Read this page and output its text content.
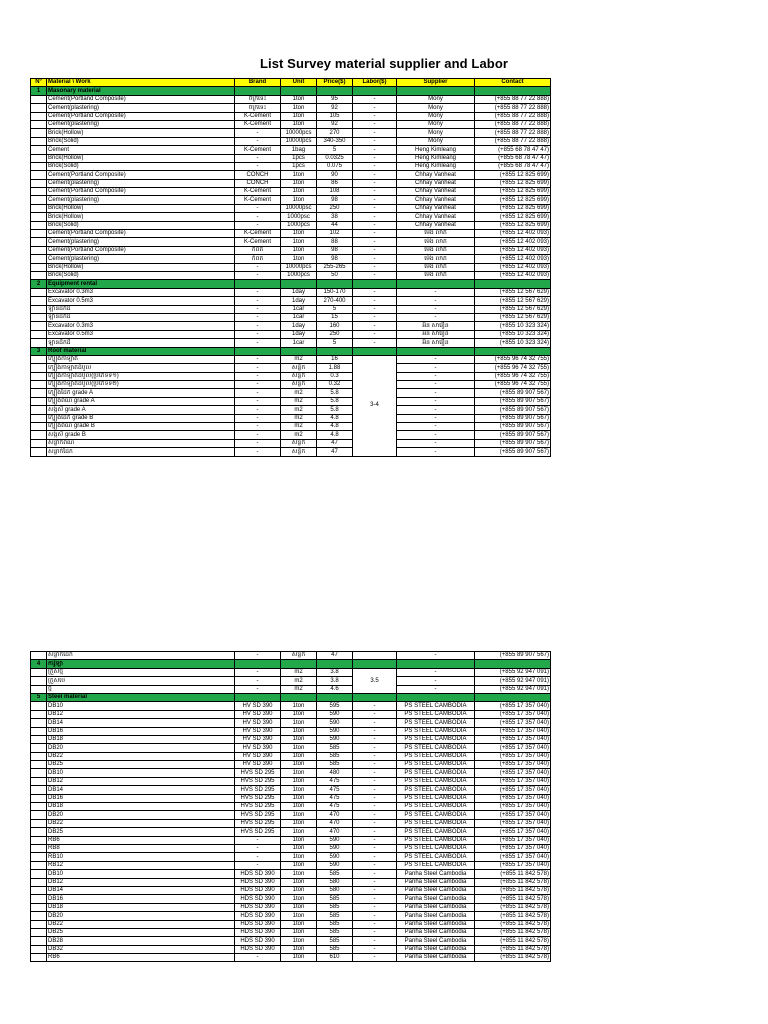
List Survey material supplier and Labor
Nº	Material \ Work	Brand	Unit	Price($)	Labor($)	Supplier	Contact
1	Masonary material						
	Cement(Portland Composite)	ចក្រទេះ	1ton	95	-	Mony	(+855 88 77 22 888)
	Cement(plastering)	ចក្រទេះ	1ton	92	-	Mony	(+855 88 77 22 888)
	Cement(Portland Composite)	K-Cement	1ton	105	-	Mony	(+855 88 77 22 888)
	Cement(plastering)	K-Cement	1ton	92	-	Mony	(+855 88 77 22 888)
	Brick(Hollow)	-	10000pcs	270	-	Mony	(+855 88 77 22 888)
	Brick(Solid)	-	10000pcs	340-350	-	Mony	(+855 88 77 22 888)
	Cement	K-Cement	1bag	5	-	Heng Kimleang	(+855 68 78 47 47)
	Brick(Hollow)	-	1pcs	0.0325	-	Heng Kimleang	(+855 68 78 47 47)
	Brick(Solid)	-	1pcs	0.075	-	Heng Kimleang	(+855 68 78 47 47)
	Cement(Portland Composite)	CONCH	1ton	90	-	Chhay Vanheat	(+855 12 825 699)
	Cement(plastering)	CONCH	1ton	86	-	Chhay Vanheat	(+855 12 825 699)
	Cement(Portland Composite)	K-Cement	1ton	108	-	Chhay Vanheat	(+855 12 825 699)
	Cement(plastering)	K-Cement	1ton	98	-	Chhay Vanheat	(+855 12 825 699)
	Brick(Hollow)	-	10000psc	250	-	Chhay Vanheat	(+855 12 825 699)
	Brick(Hollow)	-	1000psc	38	-	Chhay Vanheat	(+855 12 825 699)
	Brick(Solid)	-	1000pcs	44	-	Chhay Vanheat	(+855 12 825 699)
	Cement(Portland Composite)	K-Cement	1ton	102	-	ម៉េង លាភ	(+855 12 402 093)
	Cement(plastering)	K-Cement	1ton	88	-	ម៉េង លាភ	(+855 12 402 093)
	Cement(Portland Composite)	កំពត	1ton	98	-	ម៉េង លាភ	(+855 12 402 093)
	Cement(plastering)	កំពត	1ton	98	-	ម៉េង លាភ	(+855 12 402 093)
	Brick(Hollow)	-	10000pcs	255-265	-	ម៉េង លាភ	(+855 12 402 093)
	Brick(Solid)	-	1000pcs	50	-	ម៉េង លាភ	(+855 12 402 093)
2	Equipment rental						
	Excavator 0.3m3	-	1day	150-170	-	-	(+855 12 567 629)
	Excavator 0.5m3	-	1day	270-400	-	-	(+855 12 567 629)
	ឡានដឹកដី	-	1car	5	-	-	(+855 12 567 629)
	ឡានដឹកដី	-	1car	15	-	-	(+855 12 567 629)
	Excavator 0.3m3	-	1day	160	-	អ៊ិន សារឿន	(+855 10 323 324)
	Excavator 0.5m3	-	1day	250	-	អ៊ិន សារឿន	(+855 10 323 324)
	ឡានដឹកដី	-	1car	5	-	អ៊ិន សារឿន	(+855 10 323 324)
3	Roof material						
	ក្បឿងកាឡាត	-	m2	16	3-4	-	(+855 96 74 32 755)
	ក្បឿងកាឡាតដំបូល	-	សន្លឹក	1.88		-	(+855 96 74 32 755)
	ក្បឿងកាឡាតដំបូល(ប្រភេទទី១)	-	សន្លឹក	0.3		-	(+855 96 74 32 755)
	ក្បឿងកាឡាតដំបូល(ប្រភេទទី២)	-	សន្លឹក	0.32		-	(+855 96 74 32 755)
	ក្បឿងដែក grade A	-	m2	5.8		-	(+855 89 907 567)
	ក្បឿងពណ៌ grade A	-	m2	5.8		-	(+855 89 907 567)
	សង្កសី grade A	-	m2	5.8		-	(+855 89 907 567)
	ក្បឿងដែក grade B	-	m2	4.8		-	(+855 89 907 567)
	ក្បឿងពណ៌ grade B	-	m2	4.8		-	(+855 89 907 567)
	សង្កសី grade B	-	m2	4.8		-	(+855 89 907 567)
	សន្លាក់ពណ៌	-	សន្លឹក	47		-	(+855 89 907 567)
	សន្លាក់ដែក	-	សន្លឹក	47		-	(+855 89 907 567)
	សន្លាក់ដែក	-	សន្លឹក	47		-	(+855 89 907 567)
4	ការ៉ូឡា						
	ក្រួសថ្ម	-	m2	3.8	3.5	-	(+855 92 947 091)
	ក្រួសបេ	-	m2	3.8		-	(+855 92 947 091)
	ថ្ម	-	m2	4.6		-	(+855 92 947 091)
5	Steel material						
	DB10	HV SD 390	1ton	595	-	PS STEEL CAMBODIA	(+855 17 357 040)
	DB12	HV SD 390	1ton	590	-	PS STEEL CAMBODIA	(+855 17 357 040)
	DB14	HV SD 390	1ton	590	-	PS STEEL CAMBODIA	(+855 17 357 040)
	DB16	HV SD 390	1ton	590	-	PS STEEL CAMBODIA	(+855 17 357 040)
	DB18	HV SD 390	1ton	590	-	PS STEEL CAMBODIA	(+855 17 357 040)
	DB20	HV SD 390	1ton	585	-	PS STEEL CAMBODIA	(+855 17 357 040)
	DB22	HV SD 390	1ton	585	-	PS STEEL CAMBODIA	(+855 17 357 040)
	DB25	HV SD 390	1ton	585	-	PS STEEL CAMBODIA	(+855 17 357 040)
	DB10	HVS SD 295	1ton	480	-	PS STEEL CAMBODIA	(+855 17 357 040)
	DB12	HVS SD 295	1ton	475	-	PS STEEL CAMBODIA	(+855 17 357 040)
	DB14	HVS SD 295	1ton	475	-	PS STEEL CAMBODIA	(+855 17 357 040)
	DB16	HVS SD 295	1ton	475	-	PS STEEL CAMBODIA	(+855 17 357 040)
	DB18	HVS SD 295	1ton	475	-	PS STEEL CAMBODIA	(+855 17 357 040)
	DB20	HVS SD 295	1ton	470	-	PS STEEL CAMBODIA	(+855 17 357 040)
	DB22	HVS SD 295	1ton	470	-	PS STEEL CAMBODIA	(+855 17 357 040)
	DB25	HVS SD 295	1ton	470	-	PS STEEL CAMBODIA	(+855 17 357 040)
	RB6	-	1ton	590	-	PS STEEL CAMBODIA	(+855 17 357 040)
	RB8	-	1ton	590	-	PS STEEL CAMBODIA	(+855 17 357 040)
	RB10	-	1ton	590	-	PS STEEL CAMBODIA	(+855 17 357 040)
	RB12	-	1ton	590	-	PS STEEL CAMBODIA	(+855 17 357 040)
	DB10	HDS SD 390	1ton	585	-	Panha Steel Cambodia	(+855 11 842 578)
	DB12	HDS SD 390	1ton	580	-	Panha Steel Cambodia	(+855 11 842 578)
	DB14	HDS SD 390	1ton	580	-	Panha Steel Cambodia	(+855 11 842 578)
	DB16	HDS SD 390	1ton	585	-	Panha Steel Cambodia	(+855 11 842 578)
	DB18	HDS SD 390	1ton	585	-	Panha Steel Cambodia	(+855 11 842 578)
	DB20	HDS SD 390	1ton	585	-	Panha Steel Cambodia	(+855 11 842 578)
	DB22	HDS SD 390	1ton	585	-	Panha Steel Cambodia	(+855 11 842 578)
	DB25	HDS SD 390	1ton	585	-	Panha Steel Cambodia	(+855 11 842 578)
	DB28	HDS SD 390	1ton	585	-	Panha Steel Cambodia	(+855 11 842 578)
	DB32	HDS SD 390	1ton	585	-	Panha Steel Cambodia	(+855 11 842 578)
	RB6	-	1ton	610	-	Panha Steel Cambodia	(+855 11 842 578)
